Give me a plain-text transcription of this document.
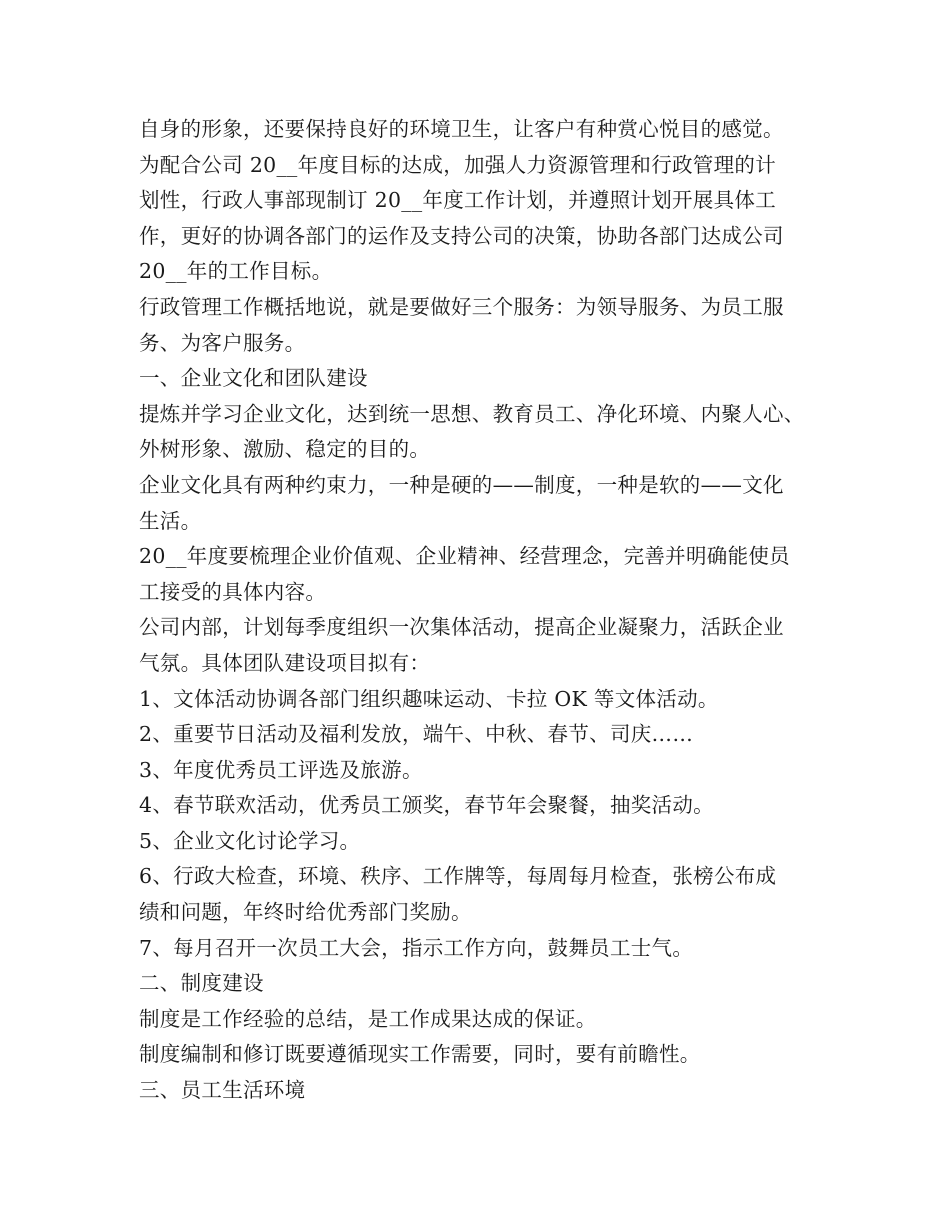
自身的形象，还要保持良好的环境卫生，让客户有种赏心悦目的感觉。
为配合公司 20__年度目标的达成，加强人力资源管理和行政管理的计
划性，行政人事部现制订 20__年度工作计划，并遵照计划开展具体工
作，更好的协调各部门的运作及支持公司的决策，协助各部门达成公司
20__年的工作目标。
行政管理工作概括地说，就是要做好三个服务：为领导服务、为员工服
务、为客户服务。
一、企业文化和团队建设
提炼并学习企业文化，达到统一思想、教育员工、净化环境、内聚人心、
外树形象、激励、稳定的目的。
企业文化具有两种约束力，一种是硬的——制度，一种是软的——文化
生活。
20__年度要梳理企业价值观、企业精神、经营理念，完善并明确能使员
工接受的具体内容。
公司内部，计划每季度组织一次集体活动，提高企业凝聚力，活跃企业
气氛。具体团队建设项目拟有：
1、文体活动协调各部门组织趣味运动、卡拉 OK 等文体活动。
2、重要节日活动及福利发放，端午、中秋、春节、司庆……
3、年度优秀员工评选及旅游。
4、春节联欢活动，优秀员工颁奖，春节年会聚餐，抽奖活动。
5、企业文化讨论学习。
6、行政大检查，环境、秩序、工作牌等，每周每月检查，张榜公布成
绩和问题，年终时给优秀部门奖励。
7、每月召开一次员工大会，指示工作方向，鼓舞员工士气。
二、制度建设
制度是工作经验的总结，是工作成果达成的保证。
制度编制和修订既要遵循现实工作需要，同时，要有前瞻性。
三、员工生活环境
